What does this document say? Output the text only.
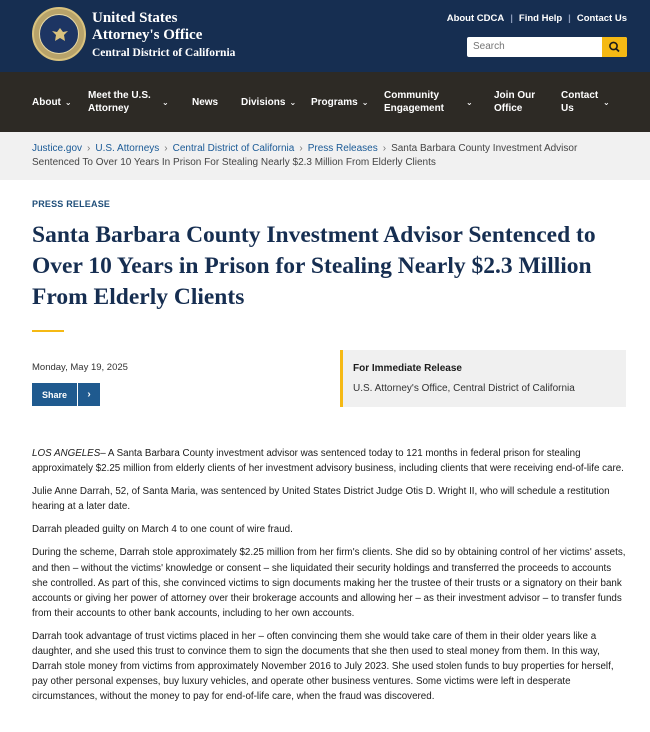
United States
Attorney's Office
Central District of California
About CDCA | Find Help | Contact Us
Search
About ⌄
Meet the U.S.
Attorney
⌄ News Divisions ⌄ Programs ⌄
Community
Engagement
⌄
Join Our
Office
Contact
Us
⌄
Justice.gov › U.S. Attorneys › Central District of California › Press Releases › Santa Barbara County Investment Advisor Sentenced To Over 10 Years In Prison For Stealing Nearly $2.3 Million From Elderly Clients
PRESS RELEASE
Santa Barbara County Investment Advisor Sentenced to Over 10 Years in Prison for Stealing Nearly $2.3 Million From Elderly Clients
Monday, May 19, 2025
Share	›
For Immediate Release
U.S. Attorney's Office, Central District of California

LOS ANGELES– A Santa Barbara County investment advisor was sentenced today to 121 months in federal prison for stealing approximately $2.25 million from elderly clients of her investment advisory business, including clients that were receiving end-of-life care.

Julie Anne Darrah, 52, of Santa Maria, was sentenced by United States District Judge Otis D. Wright II, who will schedule a restitution hearing at a later date.

Darrah pleaded guilty on March 4 to one count of wire fraud.

During the scheme, Darrah stole approximately $2.25 million from her firm's clients. She did so by obtaining control of her victims' assets, and then – without the victims' knowledge or consent – she liquidated their security holdings and transferred the proceeds to accounts she controlled. As part of this, she convinced victims to sign documents making her the trustee of their trusts or a signatory on their bank accounts or giving her power of attorney over their brokerage accounts and allowing her – as their investment advisor – to transfer funds from their accounts to other bank accounts, including to her own accounts.

Darrah took advantage of trust victims placed in her – often convincing them she would take care of them in their older years like a daughter, and she used this trust to convince them to sign the documents that she then used to steal money from them. In this way, Darrah stole money from victims from approximately November 2016 to July 2023. She used stolen funds to buy properties for herself, pay other personal expenses, buy luxury vehicles, and operate other business ventures. Some victims were left in desperate circumstances, without the money to pay for end-of-life care, when the fraud was discovered.
